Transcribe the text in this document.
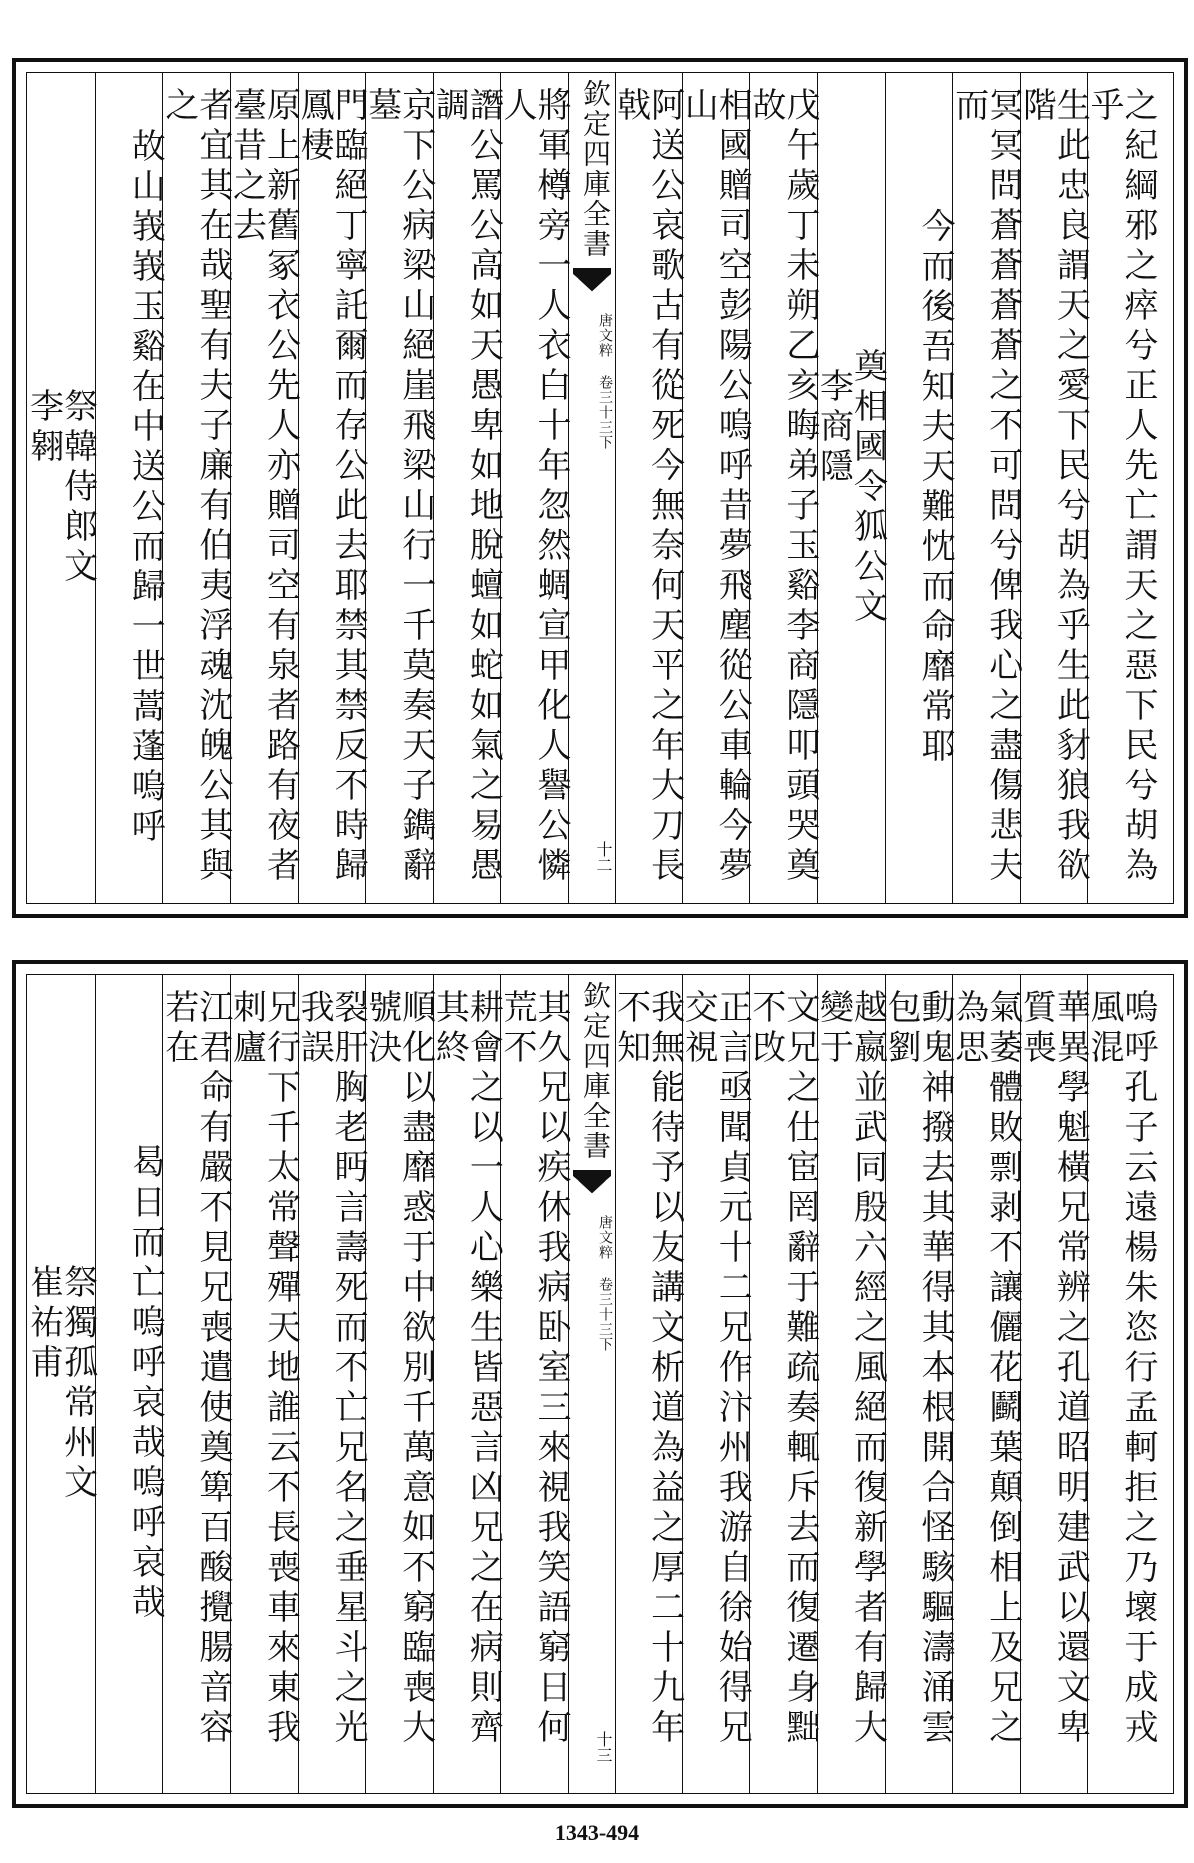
之紀綱邪之瘁兮正人先亡謂天之惡下民兮胡為乎
生此忠良謂天之愛下民兮胡為乎生此豺狼我欲階
冥冥問蒼蒼蒼蒼之不可問兮俾我心之盡傷悲夫而
今而後吾知夫天難忱而命靡常耶
奠相國令狐公文
李商隱
戊午歲丁未朔乙亥晦弟子玉谿李商隱叩頭哭奠故
相國贈司空彭陽公嗚呼昔夢飛塵從公車輪今夢山
阿送公哀歌古有從死今無奈何天平之年大刀長戟
將軍樽旁一人衣白十年忽然蜩宣甲化人譽公憐人
譖公罵公高如天愚卑如地脫蟺如蛇如氣之易愚調
京下公病梁山絕崖飛梁山行一千莫奏天子鐫辭墓
門臨絕丁寧託爾而存公此去耶禁其禁反不時歸鳳棲
原上新舊冢衣公先人亦贈司空有泉者路有夜者臺昔之去
者宜其在哉聖有夫子廉有伯夷浮魂沈魄公其與之
故山峩峩玉谿在中送公而歸一世蒿蓬嗚呼
祭韓侍郎文
李翱
欽定四庫全書
唐文粹 卷三十三下
十二
嗚呼孔子云遠楊朱恣行孟軻拒之乃壞于成戎風混
華異學魁橫兄常辨之孔道昭明建武以還文卑質喪
氣萎體敗剽剥不讓儷花鬬葉顛倒相上及兄之為思
動鬼神撥去其華得其本根開合怪駭驅濤涌雲包劉
越嬴並武同殷六經之風絕而復新學者有歸大變于
文兄之仕宦罔辭于難疏奏輒斥去而復遷身黜不攺
正言亟聞貞元十二兄作汴州我游自徐始得兄交視
我無能待予以友講文析道為益之厚二十九年不知
其久兄以疾休我病卧室三來視我笑語窮日何荒不
耕會之以一人心樂生皆惡言凶兄之在病則齊其終
順化以盡靡惑于中欲別千萬意如不窮臨喪大號決
裂肝胸老眄言壽死而不亡兄名之垂星斗之光我誤
兄行下千太常聲殫天地誰云不長喪車來東我刺廬
江君命有嚴不見兄喪遣使奠箄百酸攪腸音容若在
曷日而亡嗚呼哀哉嗚呼哀哉
祭獨孤常州文
崔祐甫
欽定四庫全書
唐文粹 卷三十三下
十三
1343-494
